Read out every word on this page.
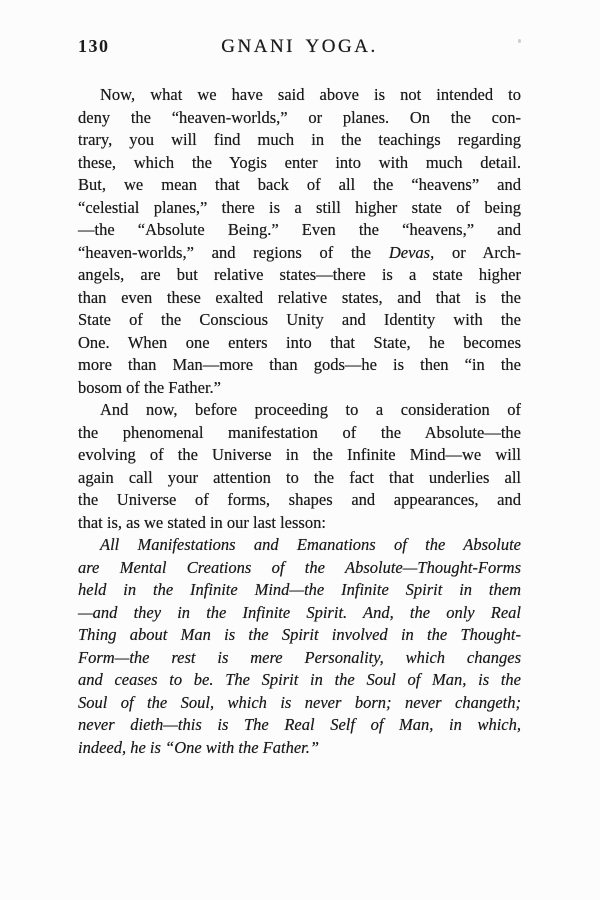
130	GNANI YOGA.
Now, what we have said above is not intended to
deny the “heaven-worlds,” or planes. On the con-
trary, you will find much in the teachings regarding
these, which the Yogis enter into with much detail.
But, we mean that back of all the “heavens” and
“celestial planes,” there is a still higher state of being
—the “Absolute Being.” Even the “heavens,” and
“heaven-worlds,” and regions of the Devas, or Arch-
angels, are but relative states—there is a state higher
than even these exalted relative states, and that is the
State of the Conscious Unity and Identity with the
One. When one enters into that State, he becomes
more than Man—more than gods—he is then “in the
bosom of the Father.”
And now, before proceeding to a consideration of
the phenomenal manifestation of the Absolute—the
evolving of the Universe in the Infinite Mind—we will
again call your attention to the fact that underlies all
the Universe of forms, shapes and appearances, and
that is, as we stated in our last lesson:
All Manifestations and Emanations of the Absolute
are Mental Creations of the Absolute—Thought-Forms
held in the Infinite Mind—the Infinite Spirit in them
—and they in the Infinite Spirit. And, the only Real
Thing about Man is the Spirit involved in the Thought-
Form—the rest is mere Personality, which changes
and ceases to be. The Spirit in the Soul of Man, is the
Soul of the Soul, which is never born; never changeth;
never dieth—this is The Real Self of Man, in which,
indeed, he is “One with the Father.”
